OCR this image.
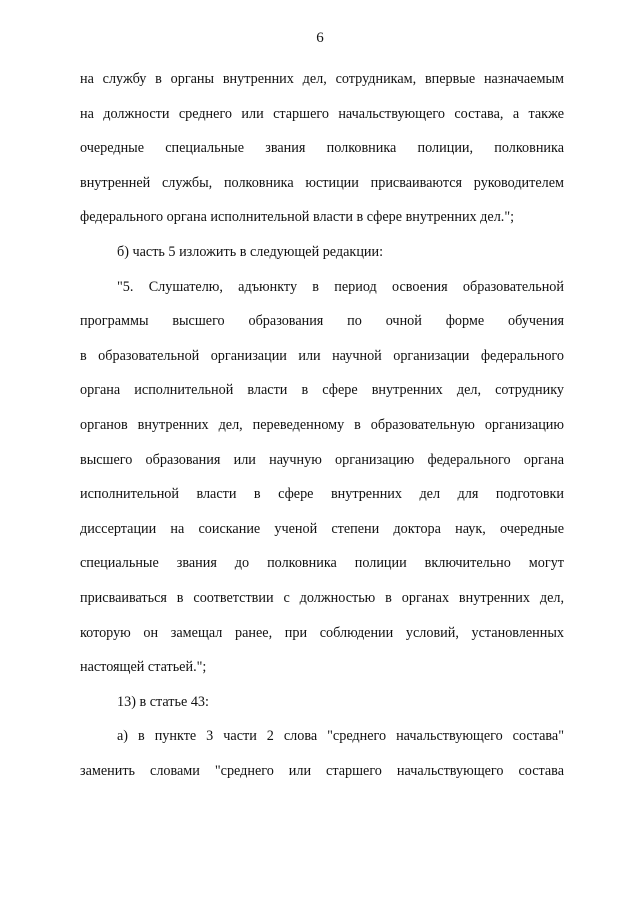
6
на службу в органы внутренних дел, сотрудникам, впервые назначаемым
на должности среднего или старшего начальствующего состава, а также
очередные специальные звания полковника полиции, полковника
внутренней службы, полковника юстиции присваиваются руководителем
федерального органа исполнительной власти в сфере внутренних дел.";
б) часть 5 изложить в следующей редакции:
"5. Слушателю, адъюнкту в период освоения образовательной
программы высшего образования по очной форме обучения
в образовательной организации или научной организации федерального
органа исполнительной власти в сфере внутренних дел, сотруднику
органов внутренних дел, переведенному в образовательную организацию
высшего образования или научную организацию федерального органа
исполнительной власти в сфере внутренних дел для подготовки
диссертации на соискание ученой степени доктора наук, очередные
специальные звания до полковника полиции включительно могут
присваиваться в соответствии с должностью в органах внутренних дел,
которую он замещал ранее, при соблюдении условий, установленных
настоящей статьей.";
13) в статье 43:
а) в пункте 3 части 2 слова "среднего начальствующего состава"
заменить словами "среднего или старшего начальствующего состава
